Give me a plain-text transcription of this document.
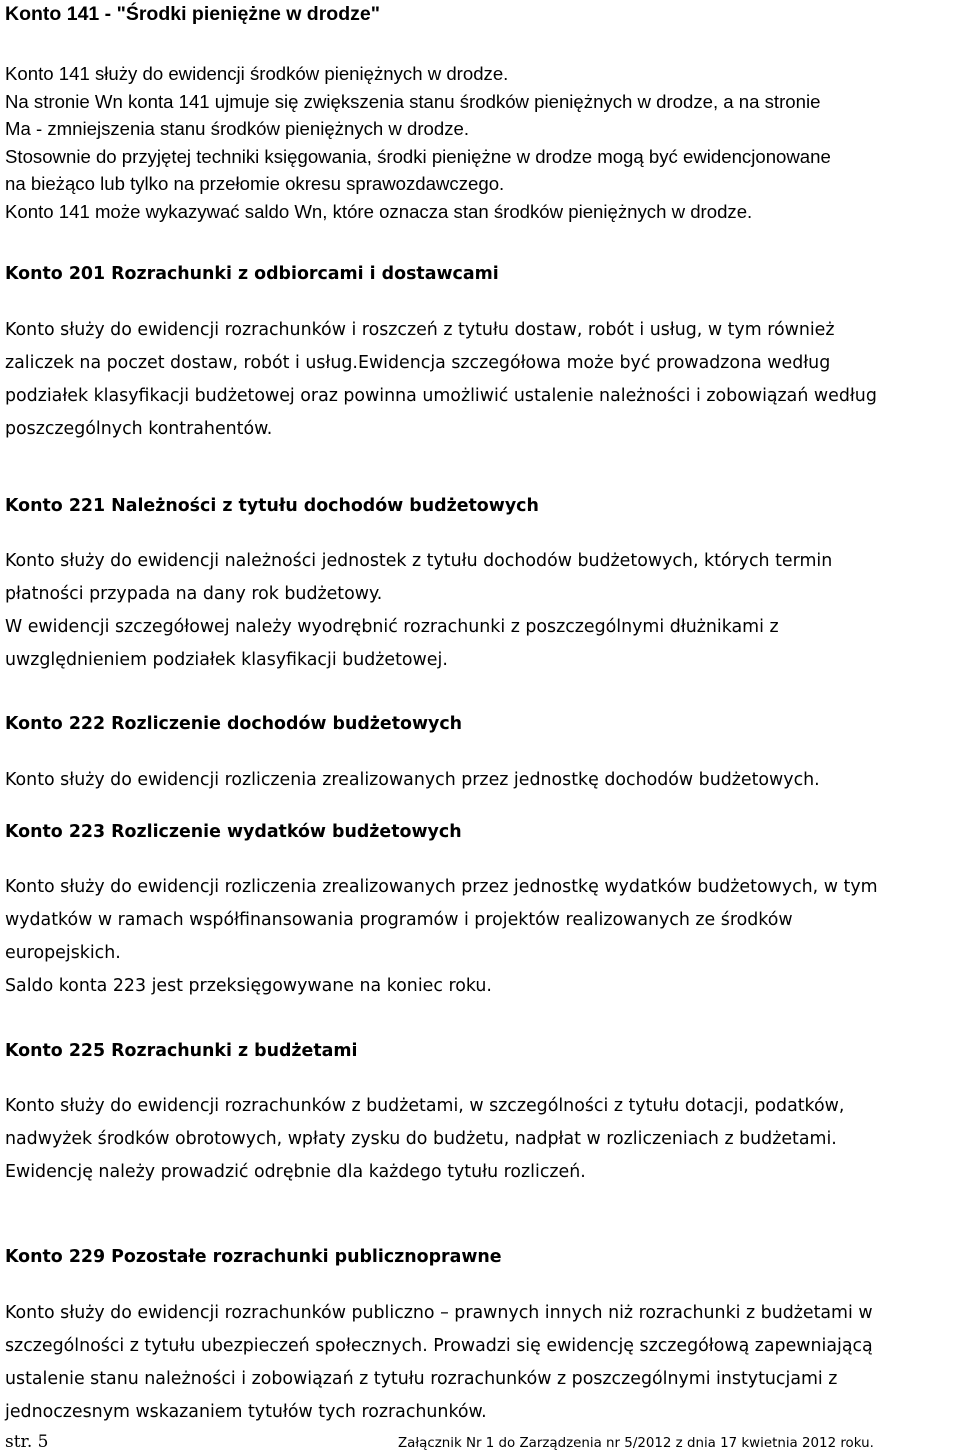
Konto 141 - "Środki pieniężne w drodze"

Konto 141 służy do ewidencji środków pieniężnych w drodze.

Na stronie Wn konta 141 ujmuje się zwiększenia stanu środków pieniężnych w drodze, a na stronie

Ma - zmniejszenia stanu środków pieniężnych w drodze.

Stosownie do przyjętej techniki księgowania, środki pieniężne w drodze mogą być ewidencjonowane

na bieżąco lub tylko na przełomie okresu sprawozdawczego.

Konto 141 może wykazywać saldo Wn, które oznacza stan środków pieniężnych w drodze.

Konto 201 Rozrachunki z odbiorcami i dostawcami

Konto służy do ewidencji rozrachunków i roszczeń z tytułu dostaw, robót i usług, w tym również

zaliczek na poczet dostaw, robót i usług.Ewidencja szczegółowa może być prowadzona według

podziałek klasyfikacji budżetowej oraz powinna umożliwić ustalenie należności i zobowiązań według

poszczególnych kontrahentów.

Konto 221 Należności z tytułu dochodów budżetowych

Konto służy do ewidencji należności jednostek z tytułu dochodów budżetowych, których termin

płatności przypada na dany rok budżetowy.

W ewidencji szczegółowej należy wyodrębnić rozrachunki z poszczególnymi dłużnikami z

uwzględnieniem podziałek klasyfikacji budżetowej.

Konto 222 Rozliczenie dochodów budżetowych

Konto służy do ewidencji rozliczenia zrealizowanych przez jednostkę dochodów budżetowych.

Konto 223 Rozliczenie wydatków budżetowych

Konto służy do ewidencji rozliczenia zrealizowanych przez jednostkę wydatków budżetowych, w tym

wydatków w ramach współfinansowania programów i projektów realizowanych ze środków

europejskich.

Saldo konta 223 jest przeksięgowywane na koniec roku.

Konto 225 Rozrachunki z budżetami

Konto służy do ewidencji rozrachunków z budżetami, w szczególności z tytułu dotacji, podatków,

nadwyżek środków obrotowych, wpłaty zysku do budżetu, nadpłat w rozliczeniach z budżetami.

Ewidencję należy prowadzić odrębnie dla każdego tytułu rozliczeń.

Konto 229 Pozostałe rozrachunki publicznoprawne

Konto służy do ewidencji rozrachunków publiczno – prawnych innych niż rozrachunki z budżetami w

szczególności z tytułu ubezpieczeń społecznych. Prowadzi się ewidencję szczegółową zapewniającą

ustalenie stanu należności i zobowiązań z tytułu rozrachunków z poszczególnymi instytucjami z

jednoczesnym wskazaniem tytułów tych rozrachunków.

str. 5	Załącznik Nr 1 do Zarządzenia nr 5/2012 z dnia 17 kwietnia 2012 roku.
